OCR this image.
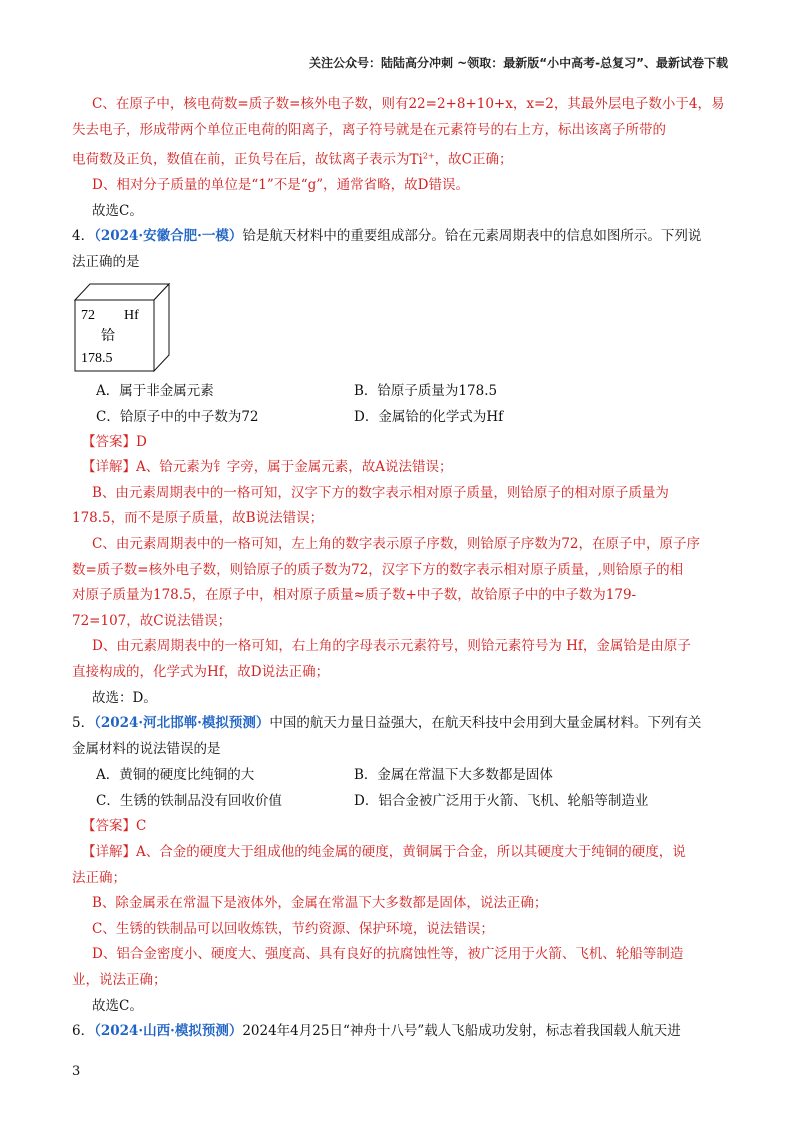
关注公众号：陆陆高分冲刺 ~领取：最新版“小中高考-总复习”、最新试卷下载
C、在原子中，核电荷数=质子数=核外电子数，则有22=2+8+10+x，x=2，其最外层电子数小于4，易
失去电子，形成带两个单位正电荷的阳离子，离子符号就是在元素符号的右上方，标出该离子所带的
电荷数及正负，数值在前，正负号在后，故钛离子表示为$Ti^{2+}$，故C正确；
D、相对分子质量的单位是“1”不是“g”，通常省略，故D错误。
故选C。
4．（2024·安徽合肥·一模）铪是航天材料中的重要组成部分。铪在元素周期表中的信息如图所示。下列说
法正确的是
72 Hf
铪
178.5
A．属于非金属元素	B．铪原子质量为178.5
C．铪原子中的中子数为72	D．金属铪的化学式为Hf
【答案】D
【详解】A、铪元素为钅字旁，属于金属元素，故A说法错误；
B、由元素周期表中的一格可知，汉字下方的数字表示相对原子质量，则铪原子的相对原子质量为
178.5，而不是原子质量，故B说法错误；
C、由元素周期表中的一格可知，左上角的数字表示原子序数，则铪原子序数为72，在原子中，原子序
数=质子数=核外电子数，则铪原子的质子数为72，汉字下方的数字表示相对原子质量，,则铪原子的相
对原子质量为178.5，在原子中，相对原子质量≈质子数+中子数，故铪原子中的中子数为179-
72=107，故C说法错误；
D、由元素周期表中的一格可知，右上角的字母表示元素符号，则铪元素符号为 Hf，金属铪是由原子
直接构成的，化学式为Hf，故D说法正确；
故选：D。
5．（2024·河北邯郸·模拟预测）中国的航天力量日益强大，在航天科技中会用到大量金属材料。下列有关
金属材料的说法错误的是
A．黄铜的硬度比纯铜的大	B．金属在常温下大多数都是固体
C．生锈的铁制品没有回收价值	D．铝合金被广泛用于火箭、飞机、轮船等制造业
【答案】C
【详解】A、合金的硬度大于组成他的纯金属的硬度，黄铜属于合金，所以其硬度大于纯铜的硬度，说
法正确；
B、除金属汞在常温下是液体外，金属在常温下大多数都是固体，说法正确；
C、生锈的铁制品可以回收炼铁，节约资源、保护环境，说法错误；
D、铝合金密度小、硬度大、强度高、具有良好的抗腐蚀性等，被广泛用于火箭、飞机、轮船等制造
业，说法正确；
故选C。
6．（2024·山西·模拟预测）2024年4月25日“神舟十八号”载人飞船成功发射，标志着我国载人航天进
3
